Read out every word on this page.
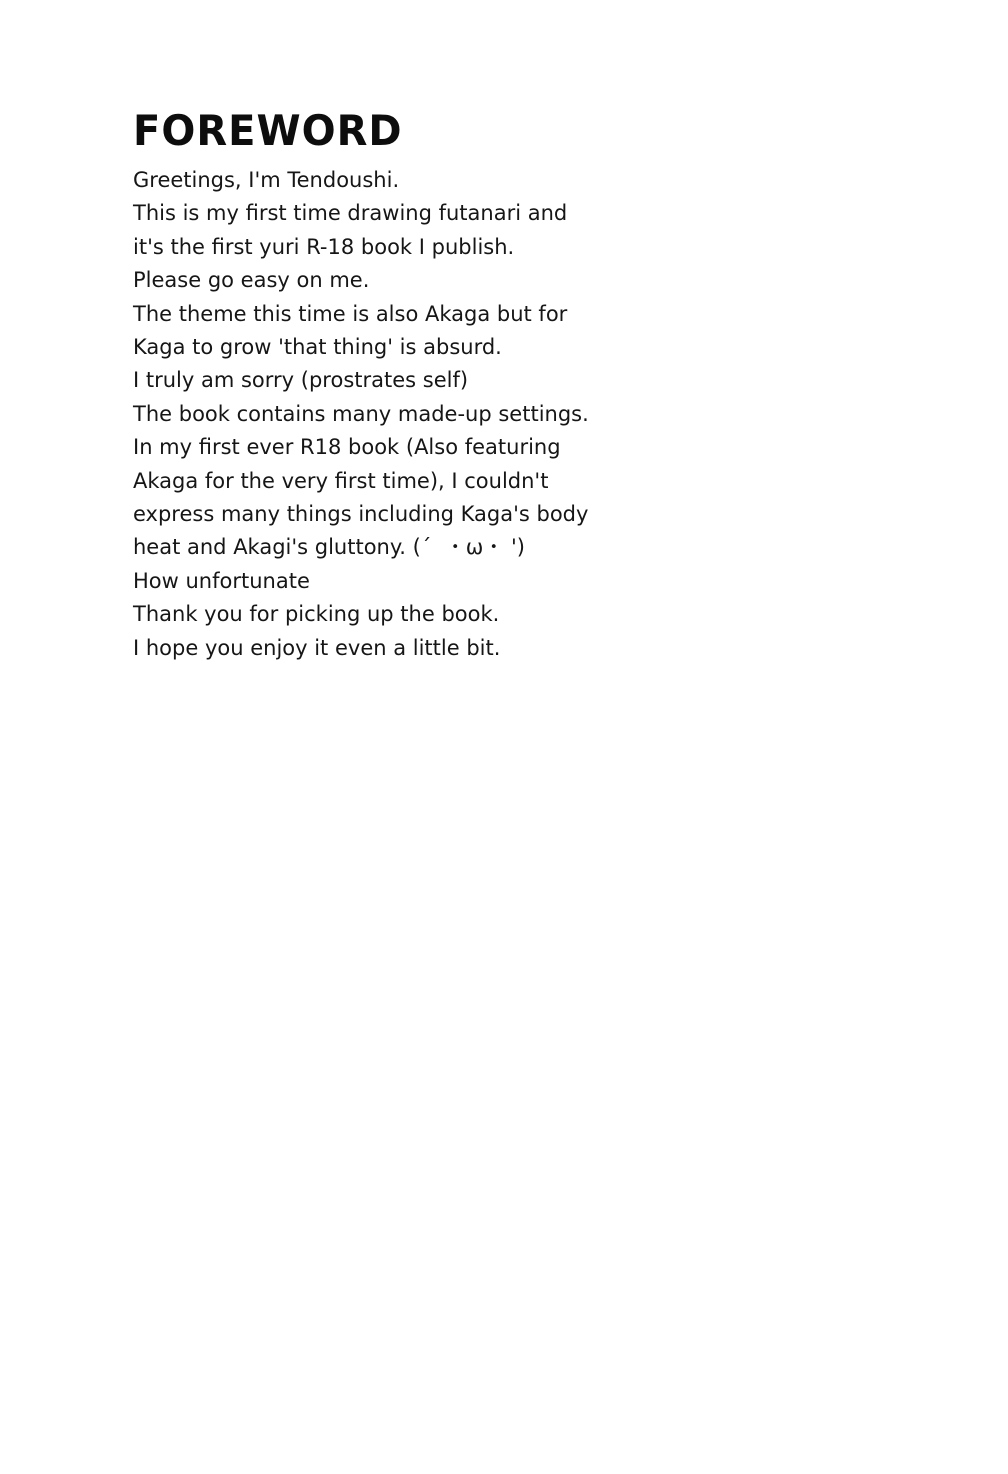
FOREWORD
Greetings, I'm Tendoushi.
This is my first time drawing futanari and
it's the first yuri R-18 book I publish.
Please go easy on me.
The theme this time is also Akaga but for
Kaga to grow 'that thing' is absurd.
I truly am sorry (prostrates self)
The book contains many made-up settings.
In my first ever R18 book (Also featuring
Akaga for the very first time), I couldn't
express many things including Kaga's body
heat and Akagi's gluttony. (´  ・ω・ ')
How unfortunate
Thank you for picking up the book.
I hope you enjoy it even a little bit.
